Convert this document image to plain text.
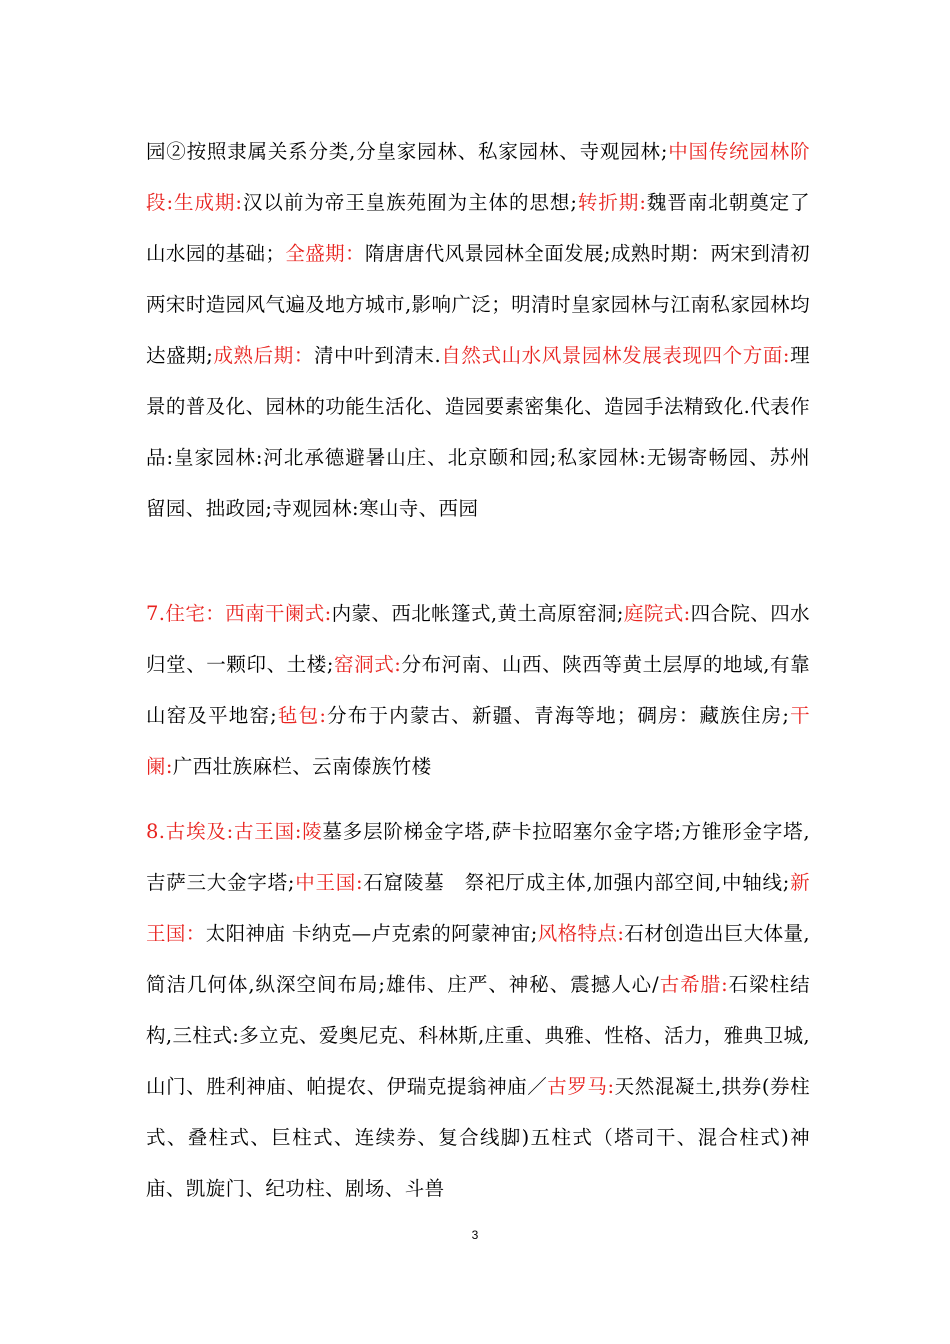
园②按照隶属关系分类,分皇家园林、私家园林、寺观园林;中国传统园林阶段:生成期:汉以前为帝王皇族苑囿为主体的思想;转折期:魏晋南北朝奠定了山水园的基础；全盛期：隋唐唐代风景园林全面发展;成熟时期：两宋到清初两宋时造园风气遍及地方城市,影响广泛；明清时皇家园林与江南私家园林均达盛期;成熟后期：清中叶到清末.自然式山水风景园林发展表现四个方面:理景的普及化、园林的功能生活化、造园要素密集化、造园手法精致化.代表作品:皇家园林:河北承德避暑山庄、北京颐和园;私家园林:无锡寄畅园、苏州留园、拙政园;寺观园林:寒山寺、西园
7.住宅：西南干阑式:内蒙、西北帐篷式,黄土高原窑洞;庭院式:四合院、四水归堂、一颗印、土楼;窑洞式:分布河南、山西、陕西等黄土层厚的地域,有靠山窑及平地窑;毡包:分布于内蒙古、新疆、青海等地；碉房：藏族住房;干阑:广西壮族麻栏、云南傣族竹楼
8.古埃及:古王国:陵墓多层阶梯金字塔,萨卡拉昭塞尔金字塔;方锥形金字塔,吉萨三大金字塔;中王国:石窟陵墓　祭祀厅成主体,加强内部空间,中轴线;新王国：太阳神庙 卡纳克—卢克索的阿蒙神宙;风格特点:石材创造出巨大体量,简洁几何体,纵深空间布局;雄伟、庄严、神秘、震撼人心/古希腊:石梁柱结构,三柱式:多立克、爱奥尼克、科林斯,庄重、典雅、性格、活力，雅典卫城,山门、胜利神庙、帕提农、伊瑞克提翁神庙／古罗马:天然混凝土,拱券(券柱式、叠柱式、巨柱式、连续券、复合线脚)五柱式（塔司干、混合柱式)神庙、凯旋门、纪功柱、剧场、斗兽
3
